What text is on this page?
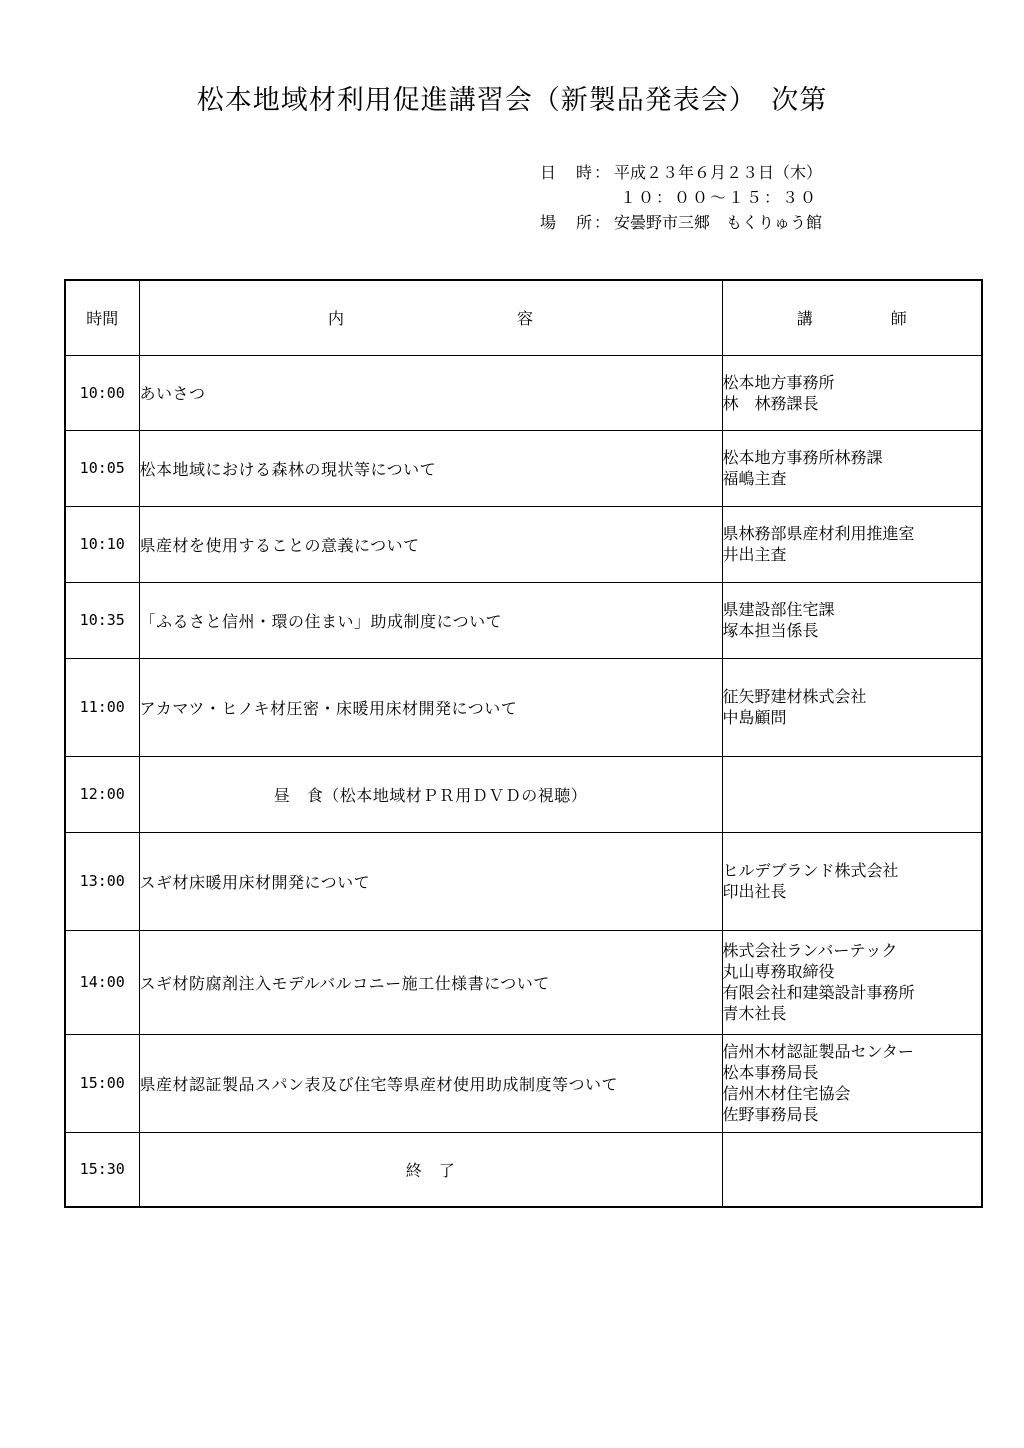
松本地域材利用促進講習会（新製品発表会）　次第
日　時： 平成２３年６月２３日（木）
１０：００～１５：３０
場　所： 安曇野市三郷　もくりゅう館
時間	内 容	講 師

10:00	あいさつ	松本地方事務所
林　林務課長

10:05	松本地域における森林の現状等について	松本地方事務所林務課
福嶋主査

10:10	県産材を使用することの意義について	県林務部県産材利用推進室
井出主査

10:35	「ふるさと信州・環の住まい」助成制度について	県建設部住宅課
塚本担当係長

11:00	アカマツ・ヒノキ材圧密・床暖用床材開発について	征矢野建材株式会社
中島顧問

12:00	昼　食（松本地域材ＰＲ用ＤＶＤの視聴）	
13:00	スギ材床暖用床材開発について	ヒルデブランド株式会社
印出社長

14:00	スギ材防腐剤注入モデルバルコニー施工仕様書について	株式会社ランバーテック
丸山専務取締役
有限会社和建築設計事務所
青木社長

15:00	県産材認証製品スパン表及び住宅等県産材使用助成制度等ついて	信州木材認証製品センター
松本事務局長
信州木材住宅協会
佐野事務局長

15:30	終　了	
